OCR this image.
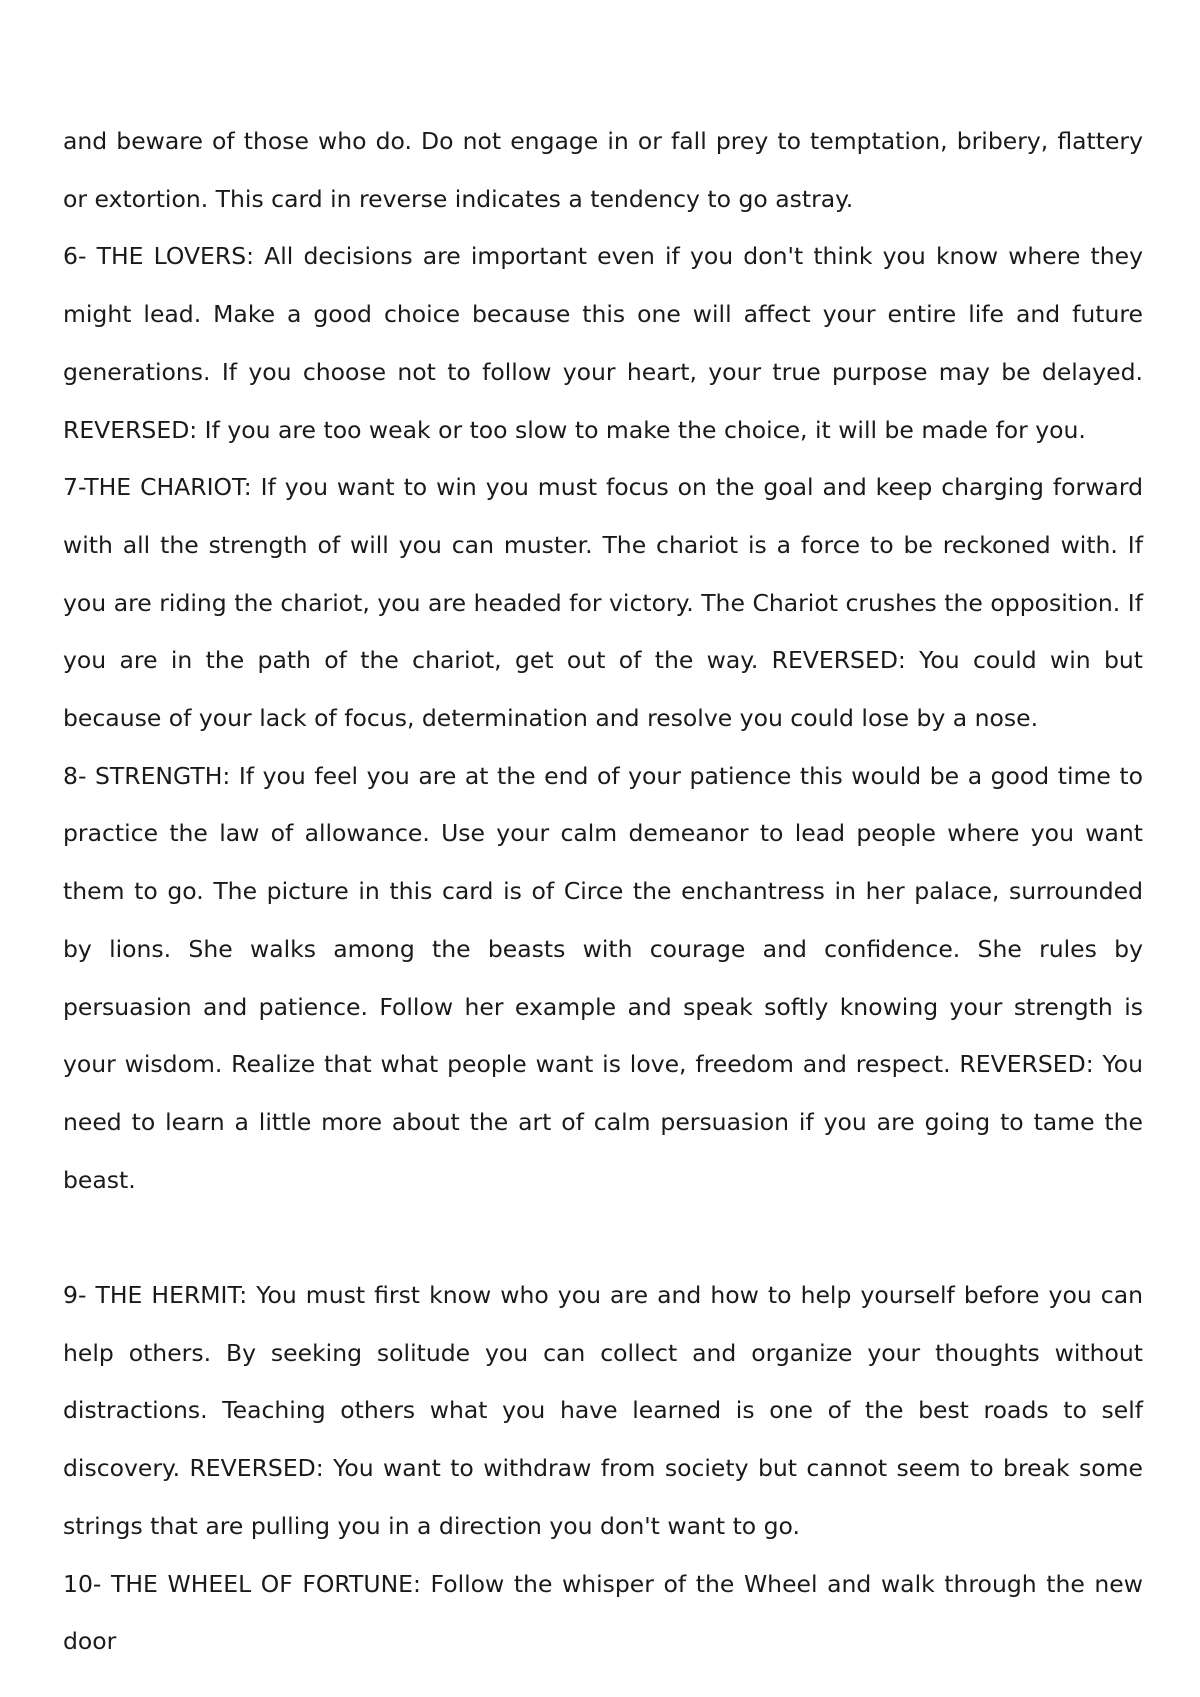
and beware of those who do. Do not engage in or fall prey to temptation, bribery, flattery or extortion. This card in reverse indicates a tendency to go astray.

6- THE LOVERS: All decisions are important even if you don't think you know where they might lead. Make a good choice because this one will affect your entire life and future generations. If you choose not to follow your heart, your true purpose may be delayed. REVERSED: If you are too weak or too slow to make the choice, it will be made for you.

7-THE CHARIOT: If you want to win you must focus on the goal and keep charging forward with all the strength of will you can muster. The chariot is a force to be reckoned with. If you are riding the chariot, you are headed for victory. The Chariot crushes the opposition. If you are in the path of the chariot, get out of the way. REVERSED: You could win but because of your lack of focus, determination and resolve you could lose by a nose.

8- STRENGTH: If you feel you are at the end of your patience this would be a good time to practice the law of allowance. Use your calm demeanor to lead people where you want them to go. The picture in this card is of Circe the enchantress in her palace, surrounded by lions. She walks among the beasts with courage and confidence. She rules by persuasion and patience. Follow her example and speak softly knowing your strength is your wisdom. Realize that what people want is love, freedom and respect. REVERSED: You need to learn a little more about the art of calm persuasion if you are going to tame the beast.

9- THE HERMIT: You must first know who you are and how to help yourself before you can help others. By seeking solitude you can collect and organize your thoughts without distractions. Teaching others what you have learned is one of the best roads to self discovery. REVERSED: You want to withdraw from society but cannot seem to break some strings that are pulling you in a direction you don't want to go.

10- THE WHEEL OF FORTUNE: Follow the whisper of the Wheel and walk through the new door
